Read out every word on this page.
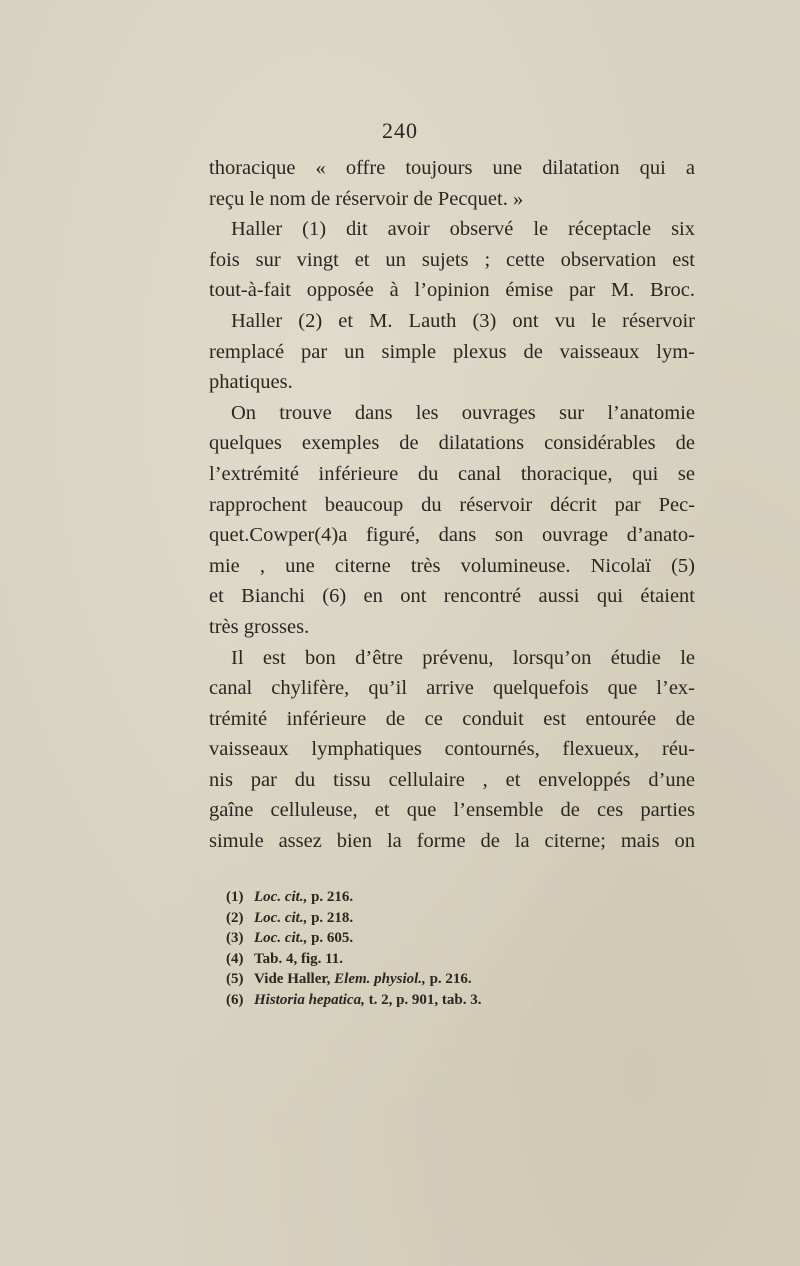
240
thoracique « offre toujours une dilatation qui a
reçu le nom de réservoir de Pecquet. »
Haller (1) dit avoir observé le réceptacle six
fois sur vingt et un sujets ; cette observation est
tout-à-fait opposée à l’opinion émise par M. Broc.
Haller (2) et M. Lauth (3) ont vu le réservoir
remplacé par un simple plexus de vaisseaux lym-
phatiques.
On trouve dans les ouvrages sur l’anatomie
quelques exemples de dilatations considérables de
l’extrémité inférieure du canal thoracique, qui se
rapprochent beaucoup du réservoir décrit par Pec-
quet.Cowper(4)a figuré, dans son ouvrage d’anato-
mie , une citerne très volumineuse. Nicolaï (5)
et Bianchi (6) en ont rencontré aussi qui étaient
très grosses.
Il est bon d’être prévenu, lorsqu’on étudie le
canal chylifère, qu’il arrive quelquefois que l’ex-
trémité inférieure de ce conduit est entourée de
vaisseaux lymphatiques contournés, flexueux, réu-
nis par du tissu cellulaire , et enveloppés d’une
gaîne celluleuse, et que l’ensemble de ces parties
simule assez bien la forme de la citerne; mais on
(1) Loc. cit., p. 216.
(2) Loc. cit., p. 218.
(3) Loc. cit., p. 605.
(4) Tab. 4, fig. 11.
(5) Vide Haller, Elem. physiol., p. 216.
(6) Historia hepatica, t. 2, p. 901, tab. 3.
